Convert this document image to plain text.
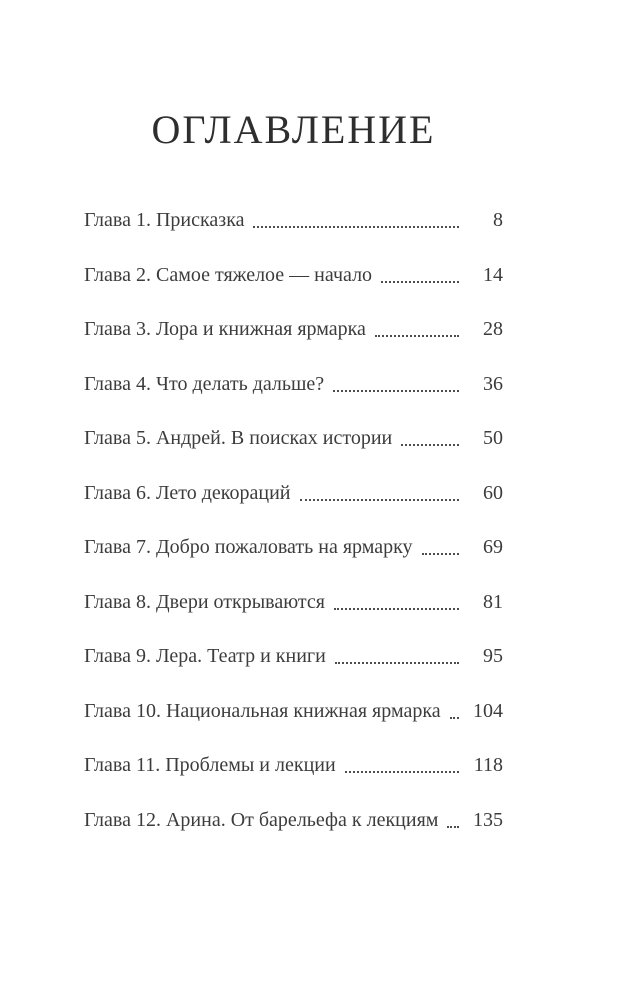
ОГЛАВЛЕНИЕ
Глава 1. Присказка	8
Глава 2. Самое тяжелое — начало	14
Глава 3. Лора и книжная ярмарка	28
Глава 4. Что делать дальше?	36
Глава 5. Андрей. В поисках истории	50
Глава 6. Лето декораций	60
Глава 7. Добро пожаловать на ярмарку	69
Глава 8. Двери открываются	81
Глава 9. Лера. Театр и книги	95
Глава 10. Национальная книжная ярмарка 104
Глава 11. Проблемы и лекции	118
Глава 12. Арина. От барельефа к лекциям 135
